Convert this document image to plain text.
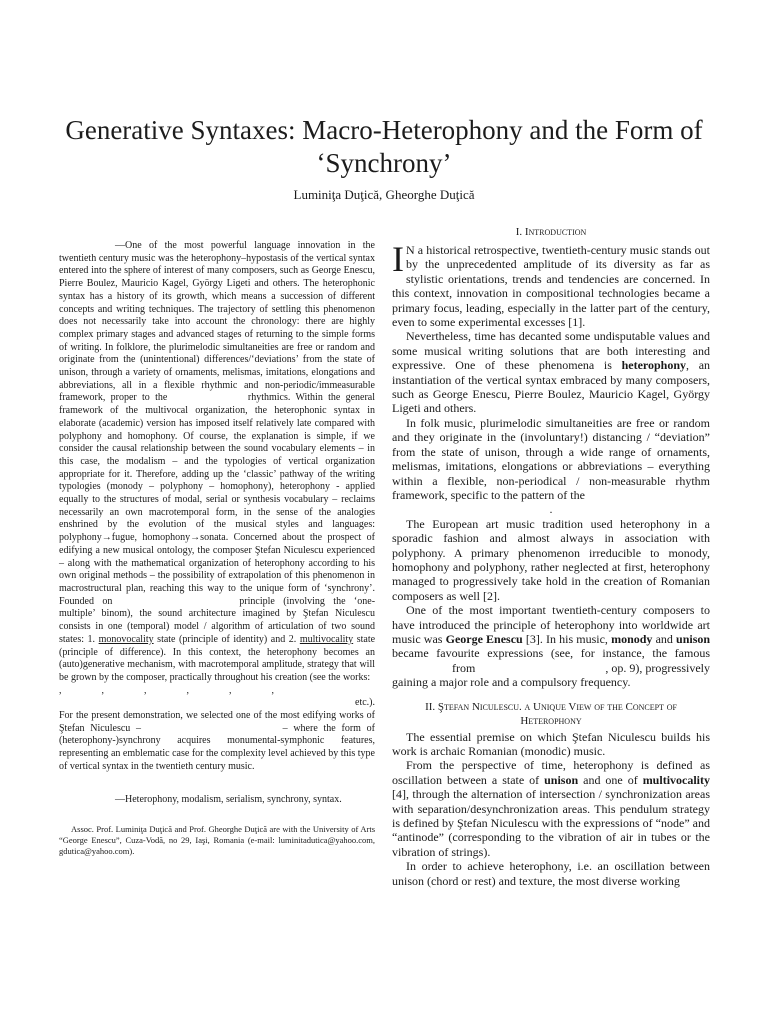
Generative Syntaxes: Macro-Heterophony and the Form of ‘Synchrony’
Luminiţa Duţică, Gheorghe Duţică

—One of the most powerful language innovation in the twentieth century music was the heterophony–hypostasis of the vertical syntax entered into the sphere of interest of many composers, such as George Enescu, Pierre Boulez, Mauricio Kagel, György Ligeti and others. The heterophonic syntax has a history of its growth, which means a succession of different concepts and writing techniques. The trajectory of settling this phenomenon does not necessarily take into account the chronology: there are highly complex primary stages and advanced stages of returning to the simple forms of writing. In folklore, the plurimelodic simultaneities are free or random and originate from the (unintentional) differences/‘deviations’ from the state of unison, through a variety of ornaments, melismas, imitations, elongations and abbreviations, all in a flexible rhythmic and non-periodic/immeasurable framework, proper to the	rhythmics. Within the general framework of the multivocal organization, the heterophonic syntax in elaborate (academic) version has imposed itself relatively late compared with polyphony and homophony. Of course, the explanation is simple, if we consider the causal relationship between the sound vocabulary elements – in this case, the modalism – and the typologies of vertical organization appropriate for it. Therefore, adding up the ‘classic’ pathway of the writing typologies (monody – polyphony – homophony), heterophony - applied equally to the structures of modal, serial or synthesis vocabulary – reclaims necessarily an own macrotemporal form, in the sense of the analogies enshrined by the evolution of the musical styles and languages: polyphony→fugue, homophony→sonata. Concerned about the prospect of edifying a new musical ontology, the composer Ştefan Niculescu experienced – along with the mathematical organization of heterophony according to his own original methods – the possibility of extrapolation of this phenomenon in macrostructural plan, reaching this way to the unique form of ‘synchrony’. Founded on	principle (involving the ‘one-multiple’ binom), the sound architecture imagined by Ştefan Niculescu consists in one (temporal) model / algorithm of articulation of two sound states: 1. monovocality state (principle of identity) and 2. multivocality state (principle of difference). In this context, the heterophony becomes an (auto)generative mechanism, with macrotemporal amplitude, strategy that will be grown by the composer, practically throughout his creation (see the works:

,                ,                ,                ,                ,                ,

etc.).

For the present demonstration, we selected one of the most edifying works of Ştefan Niculescu –	– where the form of (heterophony-)synchrony acquires monumental-symphonic features, representing an emblematic case for the complexity level achieved by this type of vertical syntax in the twentieth century music.

—Heterophony, modalism, serialism, synchrony, syntax.

Assoc. Prof. Luminiţa Duţică and Prof. Gheorghe Duţică are with the University of Arts “George Enescu”, Cuza-Vodă, no 29, Iaşi, Romania (e-mail: luminitadutica@yahoo.com, gdutica@yahoo.com).

I. Introduction

I N a historical retrospective, twentieth-century music stands out by the unprecedented amplitude of its diversity as far as stylistic orientations, trends and tendencies are concerned. In this context, innovation in compositional technologies became a primary focus, leading, especially in the latter part of the century, even to some experimental excesses [1].

Nevertheless, time has decanted some undisputable values and some musical writing solutions that are both interesting and expressive. One of these phenomena is heterophony, an instantiation of the vertical syntax embraced by many composers, such as George Enescu, Pierre Boulez, Mauricio Kagel, György Ligeti and others.

In folk music, plurimelodic simultaneities are free or random and they originate in the (involuntary!) distancing / “deviation” from the state of unison, through a wide range of ornaments, melismas, imitations, elongations or abbreviations – everything within a flexible, non-periodical / non-measurable rhythm framework, specific to the pattern of the

.

The European art music tradition used heterophony in a sporadic fashion and almost always in association with polyphony. A primary phenomenon irreducible to monody, homophony and polyphony, rather neglected at first, heterophony managed to progressively take hold in the creation of Romanian composers as well [2].

One of the most important twentieth-century composers to have introduced the principle of heterophony into worldwide art music was George Enescu [3]. In his music, monody and unison became favourite expressions (see, for instance, the famous from	, op. 9), progressively gaining a major role and a compulsory frequency.

II. Ştefan Niculescu. a Unique View of the Concept of
Heterophony

The essential premise on which Ştefan Niculescu builds his work is archaic Romanian (monodic) music.

From the perspective of time, heterophony is defined as oscillation between a state of unison and one of multivocality [4], through the alternation of intersection / synchronization areas with separation/desynchronization areas. This pendulum strategy is defined by Ştefan Niculescu with the expressions of “node” and “antinode” (corresponding to the vibration of air in tubes or the vibration of strings).

In order to achieve heterophony, i.e. an oscillation between unison (chord or rest) and texture, the most diverse working
